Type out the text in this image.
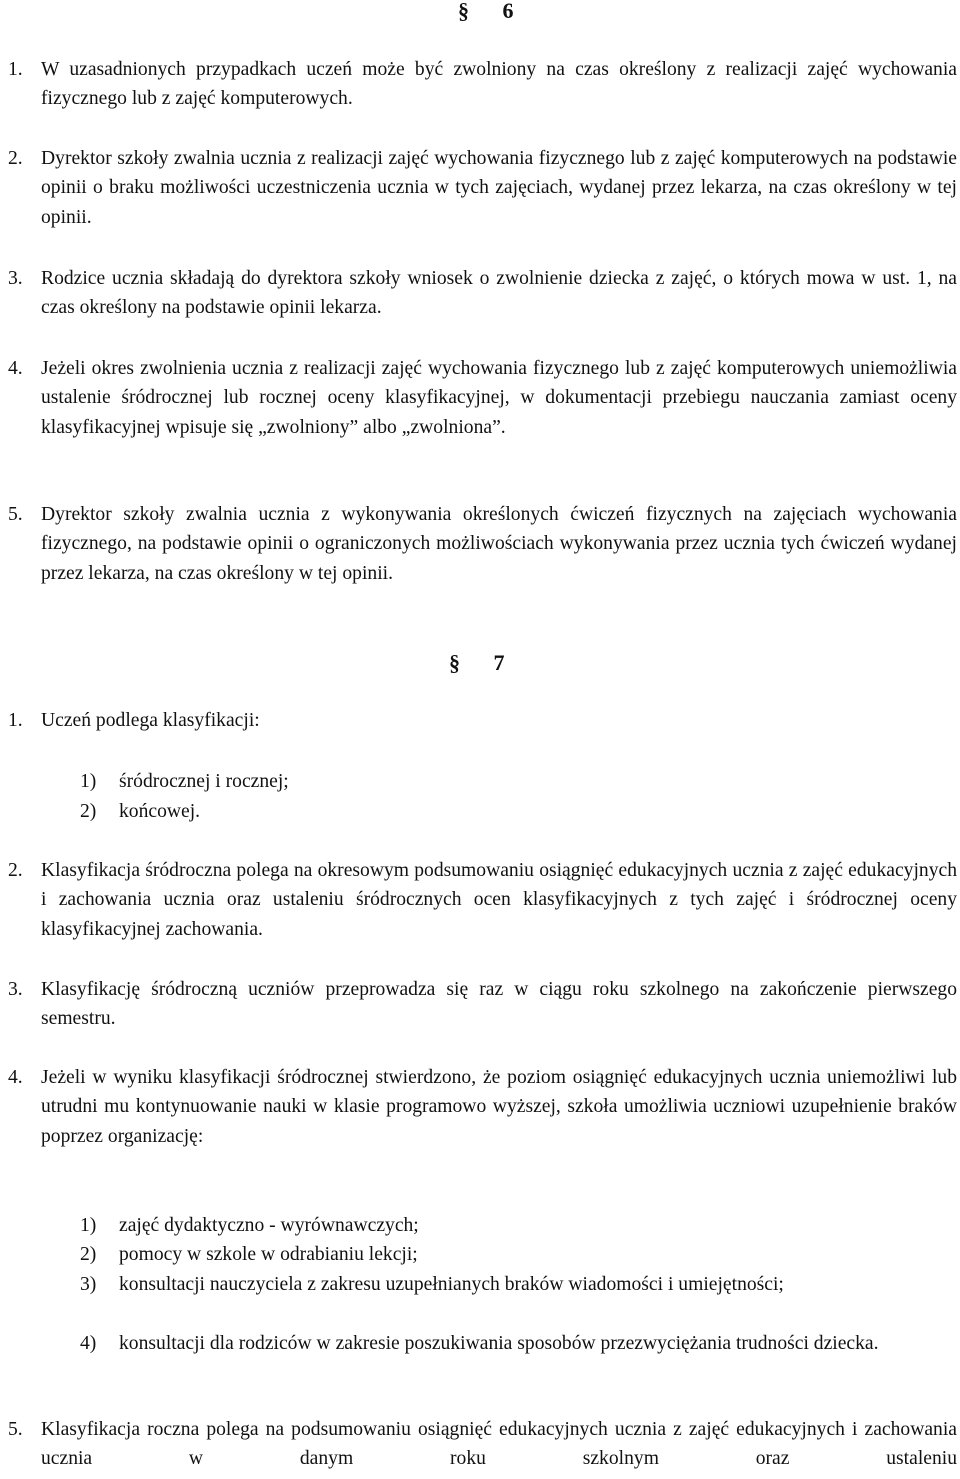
§ 6
1. W uzasadnionych przypadkach uczeń może być zwolniony na czas określony z realizacji zajęć wychowania fizycznego lub z zajęć komputerowych.
2. Dyrektor szkoły zwalnia ucznia z realizacji zajęć wychowania fizycznego lub z zajęć komputerowych na podstawie opinii o braku możliwości uczestniczenia ucznia w tych zajęciach, wydanej przez lekarza, na czas określony w tej opinii.
3. Rodzice ucznia składają do dyrektora szkoły wniosek o zwolnienie dziecka z zajęć, o których mowa w ust. 1, na czas określony na podstawie opinii lekarza.
4. Jeżeli okres zwolnienia ucznia z realizacji zajęć wychowania fizycznego lub z zajęć komputerowych uniemożliwia ustalenie śródrocznej lub rocznej oceny klasyfikacyjnej, w dokumentacji przebiegu nauczania zamiast oceny klasyfikacyjnej wpisuje się „zwolniony” albo „zwolniona”.
5. Dyrektor szkoły zwalnia ucznia z wykonywania określonych ćwiczeń fizycznych na zajęciach wychowania fizycznego, na podstawie opinii o ograniczonych możliwościach wykonywania przez ucznia tych ćwiczeń wydanej przez lekarza, na czas określony w tej opinii.
§ 7
1. Uczeń podlega klasyfikacji:
1) śródrocznej i rocznej;
2) końcowej.
2. Klasyfikacja śródroczna polega na okresowym podsumowaniu osiągnięć edukacyjnych ucznia z zajęć edukacyjnych i zachowania ucznia oraz ustaleniu śródrocznych ocen klasyfikacyjnych z tych zajęć i śródrocznej oceny klasyfikacyjnej zachowania.
3. Klasyfikację śródroczną uczniów przeprowadza się raz w ciągu roku szkolnego na zakończenie pierwszego semestru.
4. Jeżeli w wyniku klasyfikacji śródrocznej stwierdzono, że poziom osiągnięć edukacyjnych ucznia uniemożliwi lub utrudni mu kontynuowanie nauki w klasie programowo wyższej, szkoła umożliwia uczniowi uzupełnienie braków poprzez organizację:
1) zajęć dydaktyczno - wyrównawczych;
2) pomocy w szkole w odrabianiu lekcji;
3) konsultacji nauczyciela z zakresu uzupełnianych braków wiadomości i umiejętności;
4) konsultacji dla rodziców w zakresie poszukiwania sposobów przezwyciężania trudności dziecka.
5. Klasyfikacja roczna polega na podsumowaniu osiągnięć edukacyjnych ucznia z zajęć edukacyjnych i zachowania ucznia w danym roku szkolnym oraz ustaleniu
